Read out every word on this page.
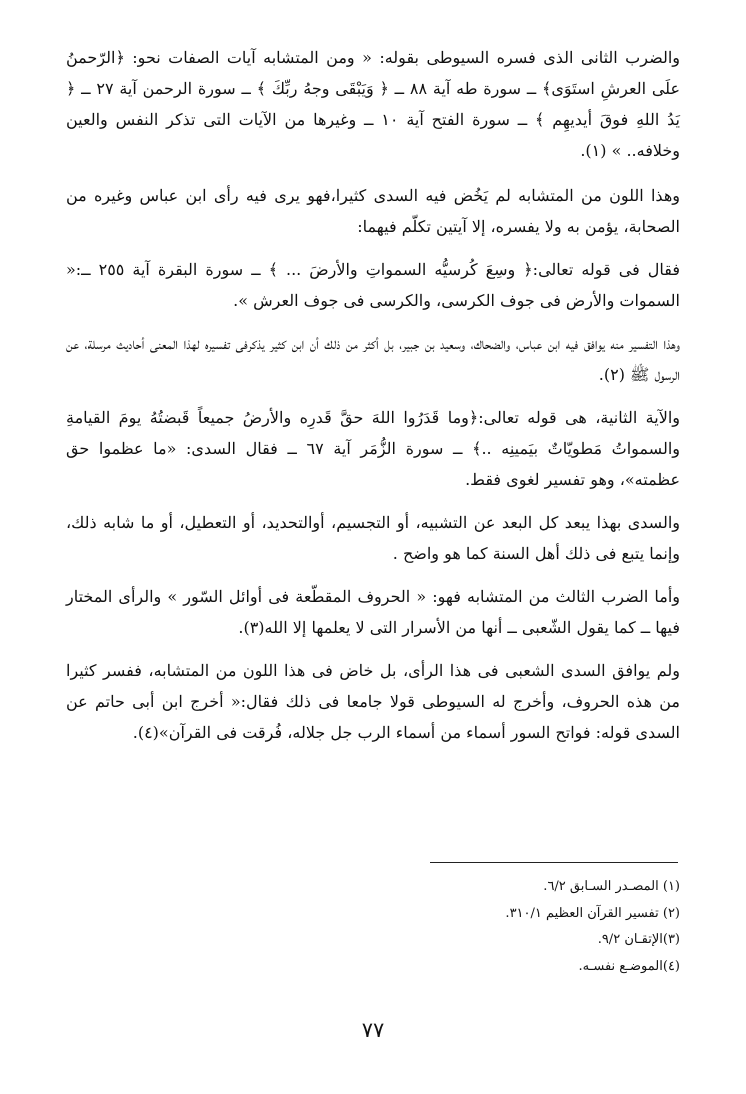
والضرب الثانى الذى فسره السيوطى بقوله: « ومن المتشابه آيات الصفات نحو: ﴿الرّحمنُ علَى العرشِ استَوَى﴾ ــ سورة طه آية ٨٨ ــ ﴿ وَيَبْقَى وجهُ ربِّكَ ﴾ ــ سورة الرحمن آية ٢٧ ــ ﴿ يَدُ اللهِ فوقَ أيديهِم ﴾ ــ سورة الفتح آية ١٠ ــ وغيرها من الآيات التى تذكر النفس والعين وخلافه.. » (١).

وهذا اللون من المتشابه لم يَخُض فيه السدى كثيرا،فهو يرى فيه رأى ابن عباس وغيره من الصحابة، يؤمن به ولا يفسره، إلا آيتين تكلّم فيهما:

فقال فى قوله تعالى:﴿ وسِعَ كُرسيُّه السمواتِ والأرضَ ... ﴾ ــ سورة البقرة آية ٢٥٥ ــ:« السموات والأرض فى جوف الكرسى، والكرسى فى جوف العرش ».

وهذا التفسير منه يوافق فيه ابن عباس، والضحاك، وسعيد بن جبير، بل أكثر من ذلك أن ابن كثير يذكرفى تفسيره لهذا المعنى أحاديث مرسلة، عن الرسول ﷺ (٢).

والآية الثانية، هى قوله تعالى:﴿وما قَدَرُوا اللهَ حقَّ قَدرِه والأرضُ جميعاً قَبضتُهُ يومَ القيامةِ والسمواتُ مَطويّاتٌ بيَمينِه ..﴾ ــ سورة الزُّمَر آية ٦٧ ــ فقال السدى: «ما عظموا حق عظمته»، وهو تفسير لغوى فقط.

والسدى بهذا يبعد كل البعد عن التشبيه، أو التجسيم، أوالتحديد، أو التعطيل، أو ما شابه ذلك، وإنما يتبع فى ذلك أهل السنة كما هو واضح .

وأما الضرب الثالث من المتشابه فهو: « الحروف المقطّعة فى أوائل السّور » والرأى المختار فيها ــ كما يقول الشّعبى ــ أنها من الأسرار التى لا يعلمها إلا الله(٣).

ولم يوافق السدى الشعبى فى هذا الرأى، بل خاض فى هذا اللون من المتشابه، ففسر كثيرا من هذه الحروف، وأخرج له السيوطى قولا جامعا فى ذلك فقال:« أخرج ابن أبى حاتم عن السدى قوله: فواتح السور أسماء من أسماء الرب جل جلاله، فُرقت فى القرآن»(٤).

(١) المصـدر السـابق ٦/٢.
(٢) تفسير القرآن العظيم ٣١٠/١.
(٣)الإتقـان ٩/٢.
(٤)الموضـع نفسـه.
٧٧
